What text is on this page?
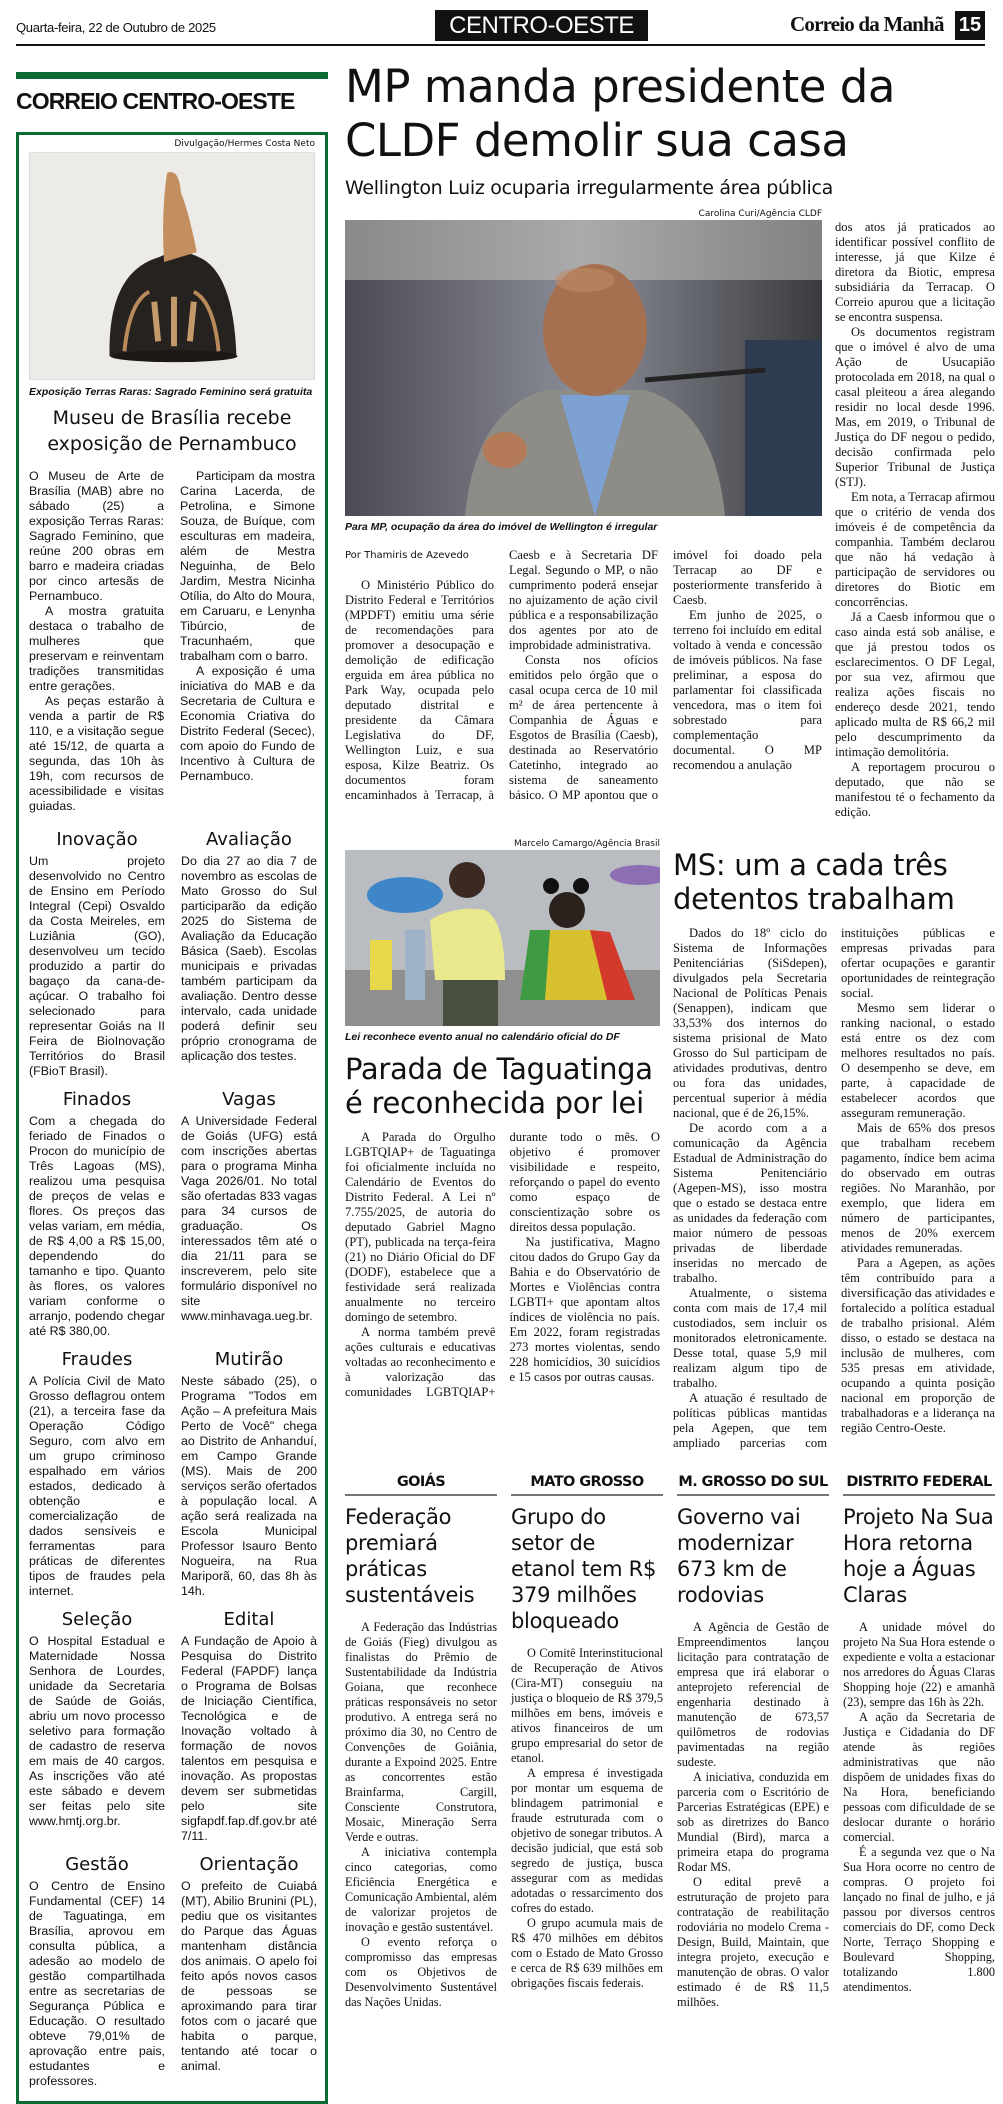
Quarta-feira, 22 de Outubro de 2025	CENTRO-OESTE	Correio da Manhã 15
CORREIO CENTRO-OESTE
Divulgação/Hermes Costa Neto
Exposição Terras Raras: Sagrado Feminino será gratuita
Museu de Brasília recebe exposição de Pernambuco

O Museu de Arte de Brasília (MAB) abre no sábado (25) a exposição Terras Raras: Sagrado Feminino, que reúne 200 obras em barro e madeira criadas por cinco artesãs de Pernambuco.

A mostra gratuita destaca o trabalho de mulheres que preservam e reinventam tradições transmitidas entre gerações.

As peças estarão à venda a partir de R$ 110, e a visitação segue até 15/12, de quarta a segunda, das 10h às 19h, com recursos de acessibilidade e visitas guiadas.

Participam da mostra Carina Lacerda, de Petrolina, e Simone Souza, de Buíque, com esculturas em madeira, além de Mestra Neguinha, de Belo Jardim, Mestra Nicinha Otília, do Alto do Moura, em Caruaru, e Lenynha Tibúrcio, de Tracunhaém, que trabalham com o barro.

A exposição é uma iniciativa do MAB e da Secretaria de Cultura e Economia Criativa do Distrito Federal (Secec), com apoio do Fundo de Incentivo à Cultura de Pernambuco.

Inovação

Um projeto desenvolvido no Centro de Ensino em Período Integral (Cepi) Osvaldo da Costa Meireles, em Luziânia (GO), desenvolveu um tecido produzido a partir do bagaço da cana-de-açúcar. O trabalho foi selecionado para representar Goiás na II Feira de BioInovação Territórios do Brasil (FBioT Brasil).

Avaliação

Do dia 27 ao dia 7 de novembro as escolas de Mato Grosso do Sul participarão da edição 2025 do Sistema de Avaliação da Educação Básica (Saeb). Escolas municipais e privadas também participam da avaliação. Dentro desse intervalo, cada unidade poderá definir seu próprio cronograma de aplicação dos testes.

Finados

Com a chegada do feriado de Finados o Procon do município de Três Lagoas (MS), realizou uma pesquisa de preços de velas e flores. Os preços das velas variam, em média, de R$ 4,00 a R$ 15,00, dependendo do tamanho e tipo. Quanto às flores, os valores variam conforme o arranjo, podendo chegar até R$ 380,00.

Vagas

A Universidade Federal de Goiás (UFG) está com inscrições abertas para o programa Minha Vaga 2026/01. No total são ofertadas 833 vagas para 34 cursos de graduação. Os interessados têm até o dia 21/11 para se inscreverem, pelo site formulário disponível no site www.minhavaga.ueg.br.

Fraudes

A Polícia Civil de Mato Grosso deflagrou ontem (21), a terceira fase da Operação Código Seguro, com alvo em um grupo criminoso espalhado em vários estados, dedicado à obtenção e comercialização de dados sensíveis e ferramentas para práticas de diferentes tipos de fraudes pela internet.

Mutirão

Neste sábado (25), o Programa "Todos em Ação – A prefeitura Mais Perto de Você" chega ao Distrito de Anhanduí, em Campo Grande (MS). Mais de 200 serviços serão ofertados à população local. A ação será realizada na Escola Municipal Professor Isauro Bento Nogueira, na Rua Mariporã, 60, das 8h às 14h.

Seleção

O Hospital Estadual e Maternidade Nossa Senhora de Lourdes, unidade da Secretaria de Saúde de Goiás, abriu um novo processo seletivo para formação de cadastro de reserva em mais de 40 cargos. As inscrições vão até este sábado e devem ser feitas pelo site www.hmtj.org.br.

Edital

A Fundação de Apoio à Pesquisa do Distrito Federal (FAPDF) lança o Programa de Bolsas de Iniciação Científica, Tecnológica e de Inovação voltado à formação de novos talentos em pesquisa e inovação. As propostas devem ser submetidas pelo site sigfapdf.fap.df.gov.br até 7/11.

Gestão

O Centro de Ensino Fundamental (CEF) 14 de Taguatinga, em Brasília, aprovou em consulta pública, a adesão ao modelo de gestão compartilhada entre as secretarias de Segurança Pública e Educação. O resultado obteve 79,01% de aprovação entre pais, estudantes e professores.

Orientação

O prefeito de Cuiabá (MT), Abilio Brunini (PL), pediu que os visitantes do Parque das Águas mantenham distância dos animais. O apelo foi feito após novos casos de pessoas se aproximando para tirar fotos com o jacaré que habita o parque, tentando até tocar o animal.

MP manda presidente da CLDF demolir sua casa
Wellington Luiz ocuparia irregularmente área pública
Carolina Curi/Agência CLDF
Para MP, ocupação da área do imóvel de Wellington é irregular

Por Thamiris de Azevedo

O Ministério Público do Distrito Federal e Territórios (MPDFT) emitiu uma série de recomendações para promover a desocupação e demolição de edificação erguida em área pública no Park Way, ocupada pelo deputado distrital e presidente da Câmara Legislativa do DF, Wellington Luiz, e sua esposa, Kilze Beatriz. Os documentos foram encaminhados à Terracap, à Caesb e à Secretaria DF Legal. Segundo o MP, o não cumprimento poderá ensejar no ajuizamento de ação civil pública e a responsabilização dos agentes por ato de improbidade administrativa.

Consta nos ofícios emitidos pelo órgão que o casal ocupa cerca de 10 mil m² de área pertencente à Companhia de Águas e Esgotos de Brasília (Caesb), destinada ao Reservatório Catetinho, integrado ao sistema de saneamento básico. O MP apontou que o imóvel foi doado pela Terracap ao DF e posteriormente transferido à Caesb.

Em junho de 2025, o terreno foi incluído em edital voltado à venda e concessão de imóveis públicos. Na fase preliminar, a esposa do parlamentar foi classificada vencedora, mas o item foi sobrestado para complementação documental. O MP recomendou a anulação

dos atos já praticados ao identificar possível conflito de interesse, já que Kilze é diretora da Biotic, empresa subsidiária da Terracap. O Correio apurou que a licitação se encontra suspensa.

Os documentos registram que o imóvel é alvo de uma Ação de Usucapião protocolada em 2018, na qual o casal pleiteou a área alegando residir no local desde 1996. Mas, em 2019, o Tribunal de Justiça do DF negou o pedido, decisão confirmada pelo Superior Tribunal de Justiça (STJ).

Em nota, a Terracap afirmou que o critério de venda dos imóveis é de competência da companhia. Também declarou que não há vedação à participação de servidores ou diretores do Biotic em concorrências.

Já a Caesb informou que o caso ainda está sob análise, e que já prestou todos os esclarecimentos. O DF Legal, por sua vez, afirmou que realiza ações fiscais no endereço desde 2021, tendo aplicado multa de R$ 66,2 mil pelo descumprimento da intimação demolitória.

A reportagem procurou o deputado, que não se manifestou té o fechamento da edição.

Marcelo Camargo/Agência Brasil
Lei reconhece evento anual no calendário oficial do DF
Parada de Taguatinga é reconhecida por lei

A Parada do Orgulho LGBTQIAP+ de Taguatinga foi oficialmente incluída no Calendário de Eventos do Distrito Federal. A Lei nº 7.755/2025, de autoria do deputado Gabriel Magno (PT), publicada na terça-feira (21) no Diário Oficial do DF (DODF), estabelece que a festividade será realizada anualmente no terceiro domingo de setembro.

A norma também prevê ações culturais e educativas voltadas ao reconhecimento e à valorização das comunidades LGBTQIAP+ durante todo o mês. O objetivo é promover visibilidade e respeito, reforçando o papel do evento como espaço de conscientização sobre os direitos dessa população.

Na justificativa, Magno citou dados do Grupo Gay da Bahia e do Observatório de Mortes e Violências contra LGBTI+ que apontam altos índices de violência no país. Em 2022, foram registradas 273 mortes violentas, sendo 228 homicídios, 30 suicídios e 15 casos por outras causas.

MS: um a cada três detentos trabalham

Dados do 18º ciclo do Sistema de Informações Penitenciárias (SiSdepen), divulgados pela Secretaria Nacional de Políticas Penais (Senappen), indicam que 33,53% dos internos do sistema prisional de Mato Grosso do Sul participam de atividades produtivas, dentro ou fora das unidades, percentual superior à média nacional, que é de 26,15%.

De acordo com a a comunicação da Agência Estadual de Administração do Sistema Penitenciário (Agepen-MS), isso mostra que o estado se destaca entre as unidades da federação com maior número de pessoas privadas de liberdade inseridas no mercado de trabalho.

Atualmente, o sistema conta com mais de 17,4 mil custodiados, sem incluir os monitorados eletronicamente. Desse total, quase 5,9 mil realizam algum tipo de trabalho.

A atuação é resultado de políticas públicas mantidas pela Agepen, que tem ampliado parcerias com instituições públicas e empresas privadas para ofertar ocupações e garantir oportunidades de reintegração social.

Mesmo sem liderar o ranking nacional, o estado está entre os dez com melhores resultados no país. O desempenho se deve, em parte, à capacidade de estabelecer acordos que asseguram remuneração.

Mais de 65% dos presos que trabalham recebem pagamento, índice bem acima do observado em outras regiões. No Maranhão, por exemplo, que lidera em número de participantes, menos de 20% exercem atividades remuneradas.

Para a Agepen, as ações têm contribuído para a diversificação das atividades e fortalecido a política estadual de trabalho prisional. Além disso, o estado se destaca na inclusão de mulheres, com 535 presas em atividade, ocupando a quinta posição nacional em proporção de trabalhadoras e a liderança na região Centro-Oeste.

GOIÁS
Federação premiará práticas sustentáveis

A Federação das Indústrias de Goiás (Fieg) divulgou as finalistas do Prêmio de Sustentabilidade da Indústria Goiana, que reconhece práticas responsáveis no setor produtivo. A entrega será no próximo dia 30, no Centro de Convenções de Goiânia, durante a Expoind 2025. Entre as concorrentes estão Brainfarma, Cargill, Consciente Construtora, Mosaic, Mineração Serra Verde e outras.

A iniciativa contempla cinco categorias, como Eficiência Energética e Comunicação Ambiental, além de valorizar projetos de inovação e gestão sustentável.

O evento reforça o compromisso das empresas com os Objetivos de Desenvolvimento Sustentável das Nações Unidas.

MATO GROSSO
Grupo do setor de etanol tem R$ 379 milhões bloqueado

O Comitê Interinstitucional de Recuperação de Ativos (Cira-MT) conseguiu na justiça o bloqueio de R$ 379,5 milhões em bens, imóveis e ativos financeiros de um grupo empresarial do setor de etanol.

A empresa é investigada por montar um esquema de blindagem patrimonial e fraude estruturada com o objetivo de sonegar tributos. A decisão judicial, que está sob segredo de justiça, busca assegurar com as medidas adotadas o ressarcimento dos cofres do estado.

O grupo acumula mais de R$ 470 milhões em débitos com o Estado de Mato Grosso e cerca de R$ 639 milhões em obrigações fiscais federais.

M. GROSSO DO SUL
Governo vai modernizar 673 km de rodovias

A Agência de Gestão de Empreendimentos lançou licitação para contratação de empresa que irá elaborar o anteprojeto referencial de engenharia destinado à manutenção de 673,57 quilômetros de rodovias pavimentadas na região sudeste.

A iniciativa, conduzida em parceria com o Escritório de Parcerias Estratégicas (EPE) e sob as diretrizes do Banco Mundial (Bird), marca a primeira etapa do programa Rodar MS.

O edital prevê a estruturação de projeto para contratação de reabilitação rodoviária no modelo Crema - Design, Build, Maintain, que integra projeto, execução e manutenção de obras. O valor estimado é de R$ 11,5 milhões.

DISTRITO FEDERAL
Projeto Na Sua Hora retorna hoje a Águas Claras

A unidade móvel do projeto Na Sua Hora estende o expediente e volta a estacionar nos arredores do Águas Claras Shopping hoje (22) e amanhã (23), sempre das 16h às 22h.

A ação da Secretaria de Justiça e Cidadania do DF atende às regiões administrativas que não dispõem de unidades fixas do Na Hora, beneficiando pessoas com dificuldade de se deslocar durante o horário comercial.

É a segunda vez que o Na Sua Hora ocorre no centro de compras. O projeto foi lançado no final de julho, e já passou por diversos centros comerciais do DF, como Deck Norte, Terraço Shopping e Boulevard Shopping, totalizando 1.800 atendimentos.
